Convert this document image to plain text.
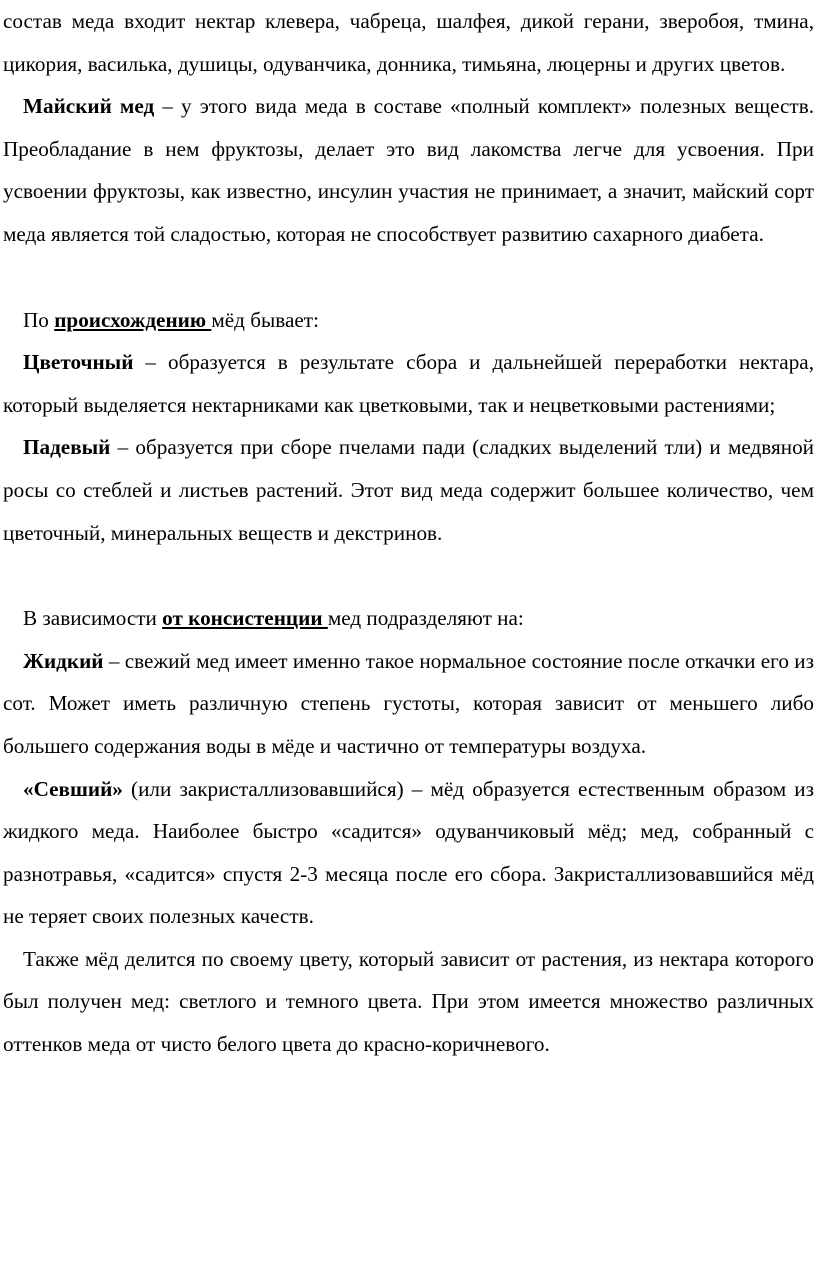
состав меда входит нектар клевера, чабреца, шалфея, дикой герани, зверобоя, тмина, цикория, василька, душицы, одуванчика, донника, тимьяна, люцерны и других цветов.

Майский мед – у этого вида меда в составе «полный комплект» полезных веществ. Преобладание в нем фруктозы, делает это вид лакомства легче для усвоения. При усвоении фруктозы, как известно, инсулин участия не принимает, а значит, майский сорт меда является той сладостью, которая не способствует развитию сахарного диабета.

По происхождению мёд бывает:

Цветочный – образуется в результате сбора и дальнейшей переработки нектара, который выделяется нектарниками как цветковыми, так и нецветковыми растениями;

Падевый – образуется при сборе пчелами пади (сладких выделений тли) и медвяной росы со стеблей и листьев растений. Этот вид меда содержит большее количество, чем цветочный, минеральных веществ и декстринов.

В зависимости от консистенции мед подразделяют на:

Жидкий – свежий мед имеет именно такое нормальное состояние после откачки его из сот. Может иметь различную степень густоты, которая зависит от меньшего либо большего содержания воды в мёде и частично от температуры воздуха.

«Севший» (или закристаллизовавшийся) – мёд образуется естественным образом из жидкого меда. Наиболее быстро «садится» одуванчиковый мёд; мед, собранный с разнотравья, «садится» спустя 2-3 месяца после его сбора. Закристаллизовавшийся мёд не теряет своих полезных качеств.

Также мёд делится по своему цвету, который зависит от растения, из нектара которого был получен мед: светлого и темного цвета. При этом имеется множество различных оттенков меда от чисто белого цвета до красно-коричневого.
